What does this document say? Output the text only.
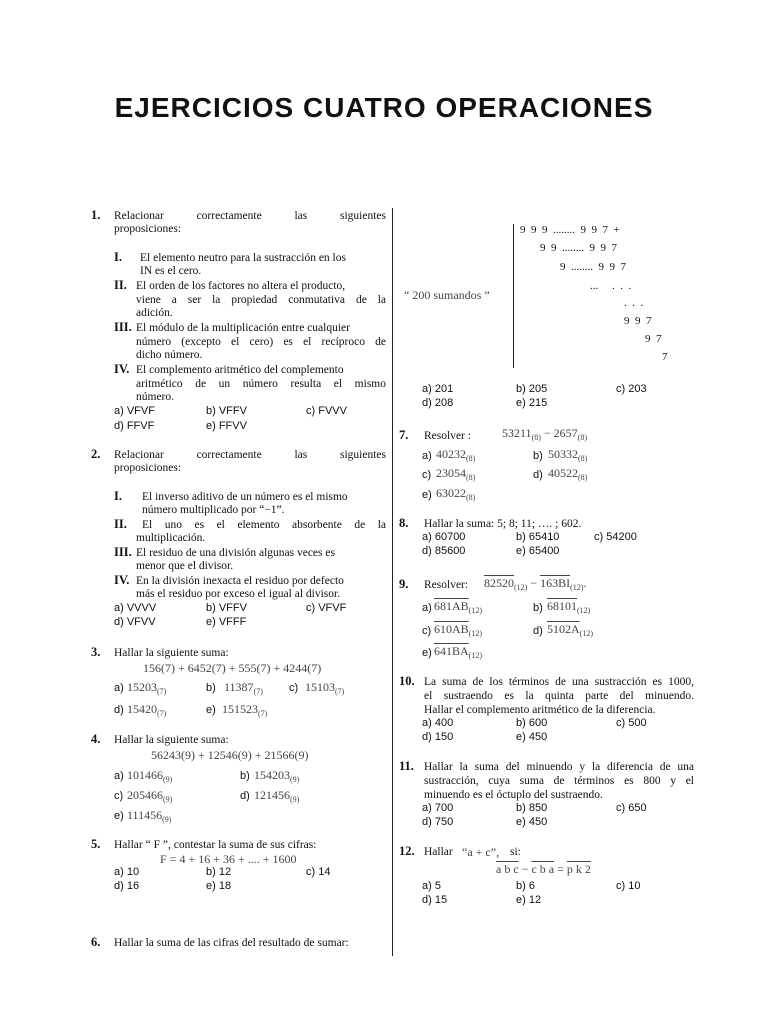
EJERCICIOS CUATRO OPERACIONES
1. Relacionar correctamente las siguientes
proposiciones:
I. El elemento neutro para la sustracción en los
IN es el cero.
II. El orden de los factores no altera el producto,
viene a ser la propiedad conmutativa de la
adición.
III. El módulo de la multiplicación entre cualquier
número (excepto el cero) es el recíproco de
dicho número.
IV. El complemento aritmético del complemento
aritmético de un número resulta el mismo
número.
a) VFVF	b) VFFV	c) FVVV
d) FFVF	e) FFVV
2. Relacionar correctamente las siguientes
proposiciones:
I. El inverso aditivo de un número es el mismo
número multiplicado por “−1”.
II. El uno es el elemento absorbente de la
multiplicación.
III. El residuo de una división algunas veces es
menor que el divisor.
IV. En la división inexacta el residuo por defecto
más el residuo por exceso el igual al divisor.
a) VVVV	b) VFFV	c) VFVF
d) VFVV	e) VFFF
3. Hallar la siguiente suma:
156(7) + 6452(7) + 555(7) + 4244(7)
a) $15203_{(7)}$	b) $11387_{(7)}$ c) $15103_{(7)}$
d) $15420_{(7)}$	e) $151523_{(7)}$
4. Hallar la siguiente suma:
56243(9) + 12546(9) + 21566(9)
a) $101466_{(9)}$	b) $154203_{(9)}$
c) $205466_{(9)}$	d) $121456_{(9)}$
e) $111456_{(9)}$
5. Hallar “ F ”, contestar la suma de sus cifras:
F = 4 + 16 + 36 + .... + 1600
a) 10	b) 12	c) 14
d) 16	e) 18
6. Hallar la suma de las cifras del resultado de sumar:
9  9  9  ........  9  9  7  +
9  9  ........  9  9  7
9  ........  9  9  7
...     .  .  .
.  .  .
9  9  7
9  7
7
“ 200 sumandos ”
a) 201	b) 205	c) 203
d) 208	e) 215
7. Resolver :	$53211_{(8)} - 2657_{(8)}$
a) $40232_{(8)}$	b) $50332_{(8)}$
c) $23054_{(8)}$	d) $40522_{(8)}$
e) $63022_{(8)}$
8. Hallar la suma: 5; 8; 11; …. ; 602.
a) 60700	b) 65410	c) 54200
d) 85600	e) 65400
9. Resolver: $82520_{(12)} - 163BI_{(12)}$.
a) $681AB_{(12)}$	b) $68101_{(12)}$
c) $610AB_{(12)}$	d) $5102A_{(12)}$
e) $641BA_{(12)}$
10. La suma de los términos de una sustracción es 1000,
el sustraendo es la quinta parte del minuendo.
Hallar el complemento aritmético de la diferencia.
a) 400	b) 600	c) 500
d) 150	e) 450
11. Hallar la suma del minuendo y la diferencia de una
sustracción, cuya suma de términos es 800 y el
minuendo es el óctuplo del sustraendo.
a) 700	b) 850	c) 650
d) 750	e) 450
12. Hallar “a + c”, si:
a b c − c b a = p k 2
a) 5	b) 6	c) 10
d) 15	e) 12
